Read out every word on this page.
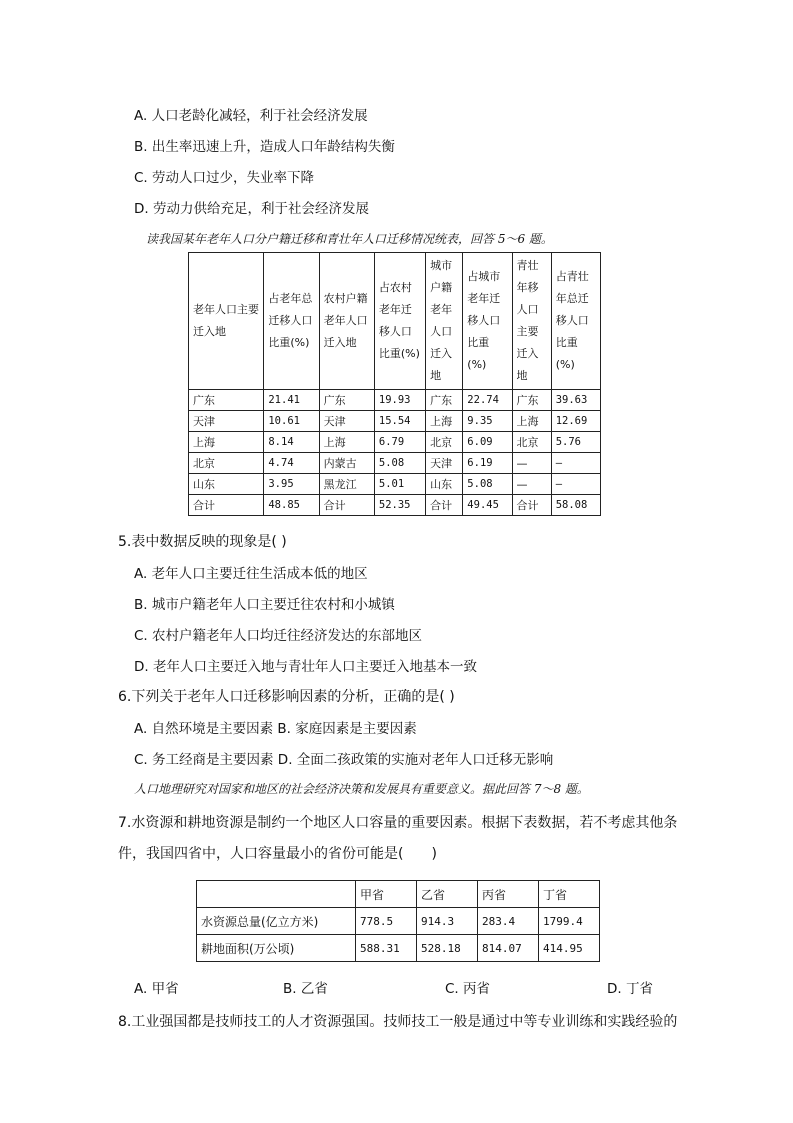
A. 人口老龄化减轻，利于社会经济发展
B. 出生率迅速上升，造成人口年龄结构失衡
C. 劳动人口过少，失业率下降
D. 劳动力供给充足，利于社会经济发展
读我国某年老年人口分户籍迁移和青壮年人口迁移情况统表，回答 5～6 题。
老年人口主要迁入地	占老年总迁移人口比重(%)	农村户籍老年人口迁入地	占农村老年迁移人口比重(%)	城市户籍老年人口迁入地	占城市老年迁移人口比重(%)	青壮年移人口主要迁入地	占青壮年总迁移人口比重(%)
广东	21.41	广东	19.93	广东	22.74	广东	39.63
天津	10.61	天津	15.54	上海	9.35	上海	12.69
上海	8.14	上海	6.79	北京	6.09	北京	5.76
北京	4.74	内蒙古	5.08	天津	6.19	—	—
山东	3.95	黑龙江	5.01	山东	5.08	—	—
合计	48.85	合计	52.35	合计	49.45	合计	58.08
5.表中数据反映的现象是( )
A. 老年人口主要迁往生活成本低的地区
B. 城市户籍老年人口主要迁往农村和小城镇
C. 农村户籍老年人口均迁往经济发达的东部地区
D. 老年人口主要迁入地与青壮年人口主要迁入地基本一致
6.下列关于老年人口迁移影响因素的分析，正确的是( )
A. 自然环境是主要因素 B. 家庭因素是主要因素
C. 务工经商是主要因素 D. 全面二孩政策的实施对老年人口迁移无影响
人口地理研究对国家和地区的社会经济决策和发展具有重要意义。据此回答 7～8 题。
7.水资源和耕地资源是制约一个地区人口容量的重要因素。根据下表数据，若不考虑其他条
件，我国四省中，人口容量最小的省份可能是(　　)
	甲省	乙省	丙省	丁省
水资源总量(亿立方米)	778.5	914.3	283.4	1799.4
耕地面积(万公顷)	588.31	528.18	814.07	414.95
A. 甲省	B. 乙省	C. 丙省	D. 丁省
8.工业强国都是技师技工的人才资源强国。技师技工一般是通过中等专业训练和实践经验的
